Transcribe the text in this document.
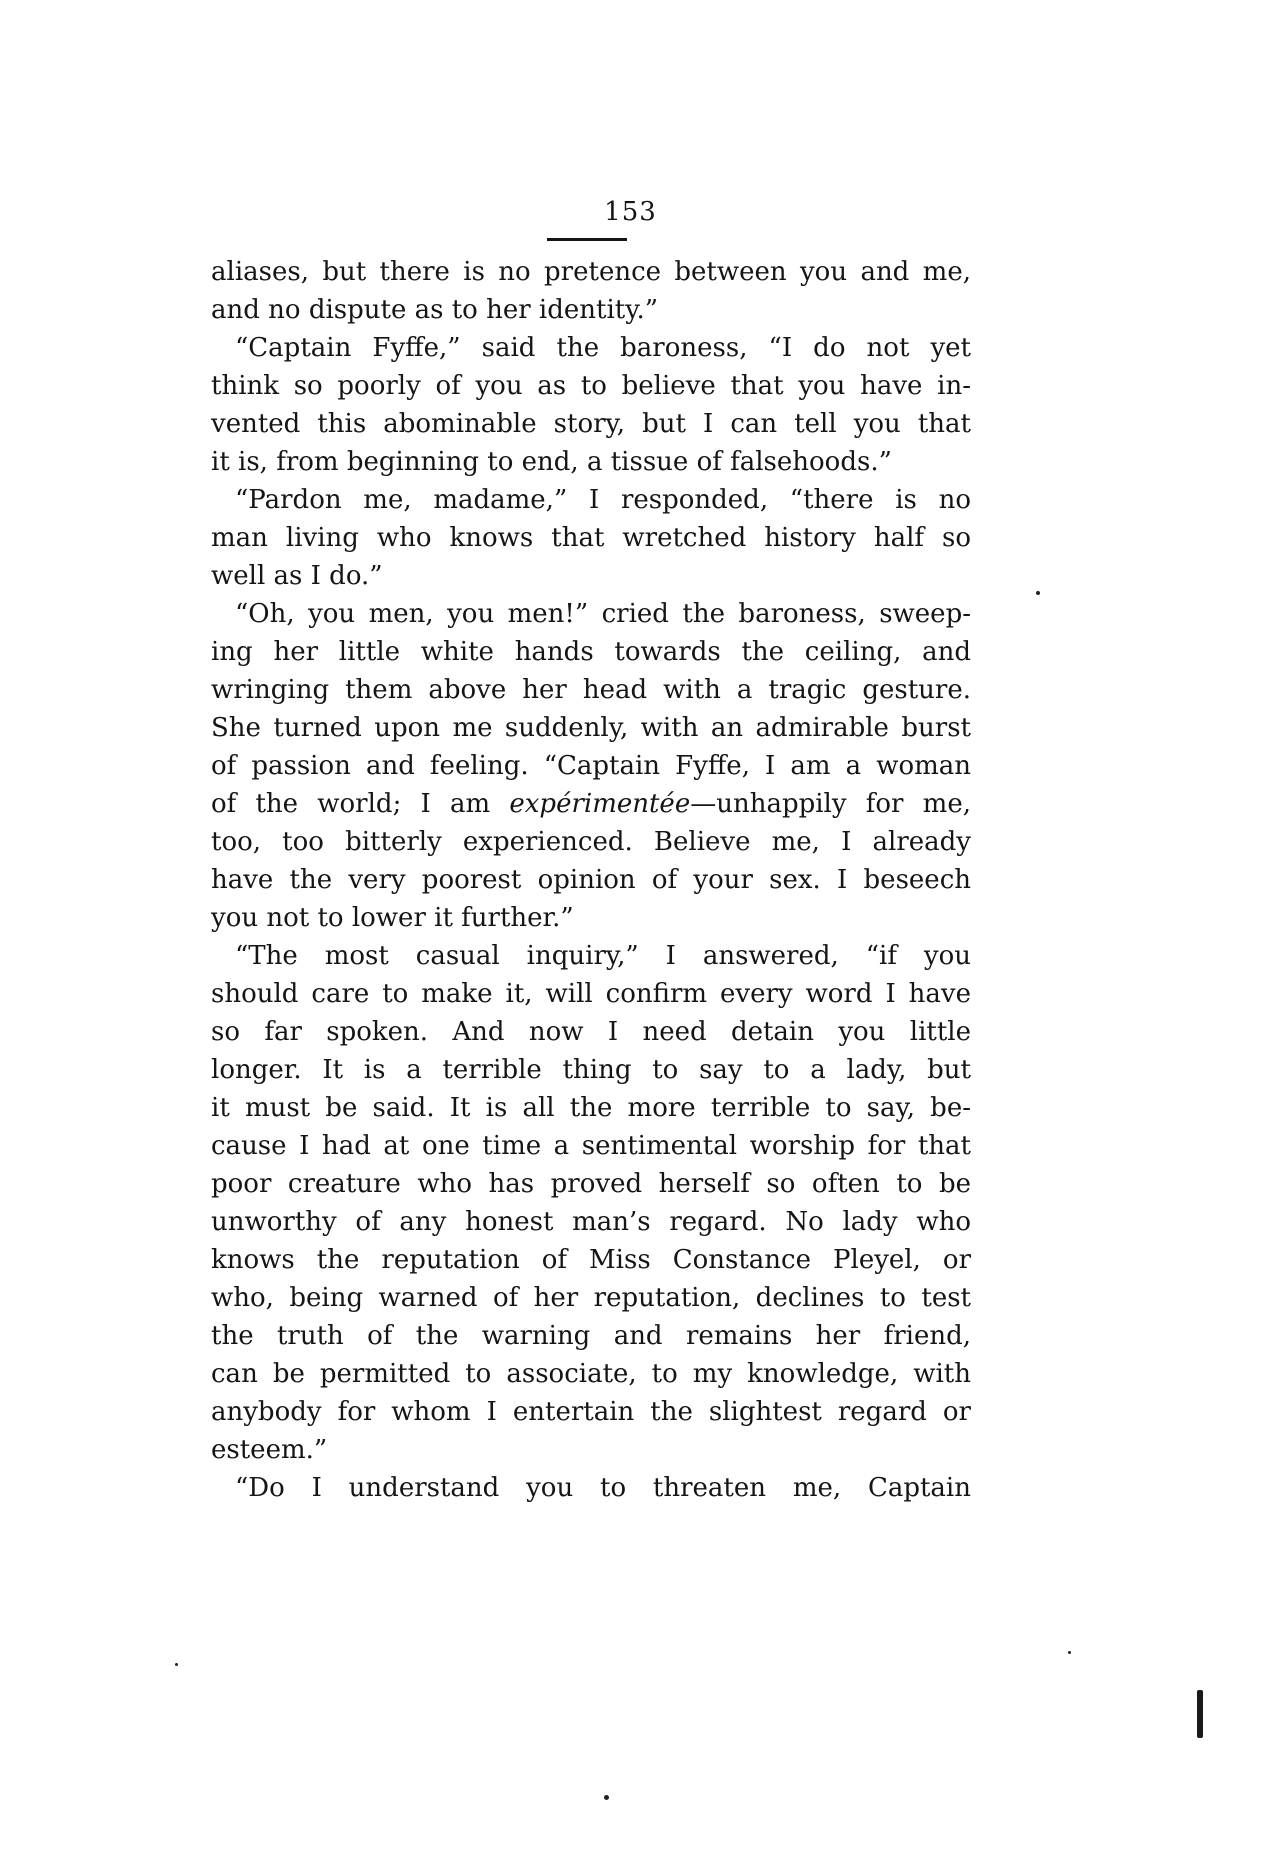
153
aliases, but there is no pretence between you and me,
and no dispute as to her identity.”
“Captain Fyffe,” said the baroness, “I do not yet
think so poorly of you as to believe that you have in-
vented this abominable story, but I can tell you that
it is, from beginning to end, a tissue of falsehoods.”
“Pardon me, madame,” I responded, “there is no
man living who knows that wretched history half so
well as I do.”
“Oh, you men, you men!” cried the baroness, sweep-
ing her little white hands towards the ceiling, and
wringing them above her head with a tragic gesture.
She turned upon me suddenly, with an admirable burst
of passion and feeling. “Captain Fyffe, I am a woman
of the world; I am expérimentée—unhappily for me,
too, too bitterly experienced. Believe me, I already
have the very poorest opinion of your sex. I beseech
you not to lower it further.”
“The most casual inquiry,” I answered, “if you
should care to make it, will confirm every word I have
so far spoken. And now I need detain you little
longer. It is a terrible thing to say to a lady, but
it must be said. It is all the more terrible to say, be-
cause I had at one time a sentimental worship for that
poor creature who has proved herself so often to be
unworthy of any honest man’s regard. No lady who
knows the reputation of Miss Constance Pleyel, or
who, being warned of her reputation, declines to test
the truth of the warning and remains her friend,
can be permitted to associate, to my knowledge, with
anybody for whom I entertain the slightest regard or
esteem.”
“Do I understand you to threaten me, Captain
